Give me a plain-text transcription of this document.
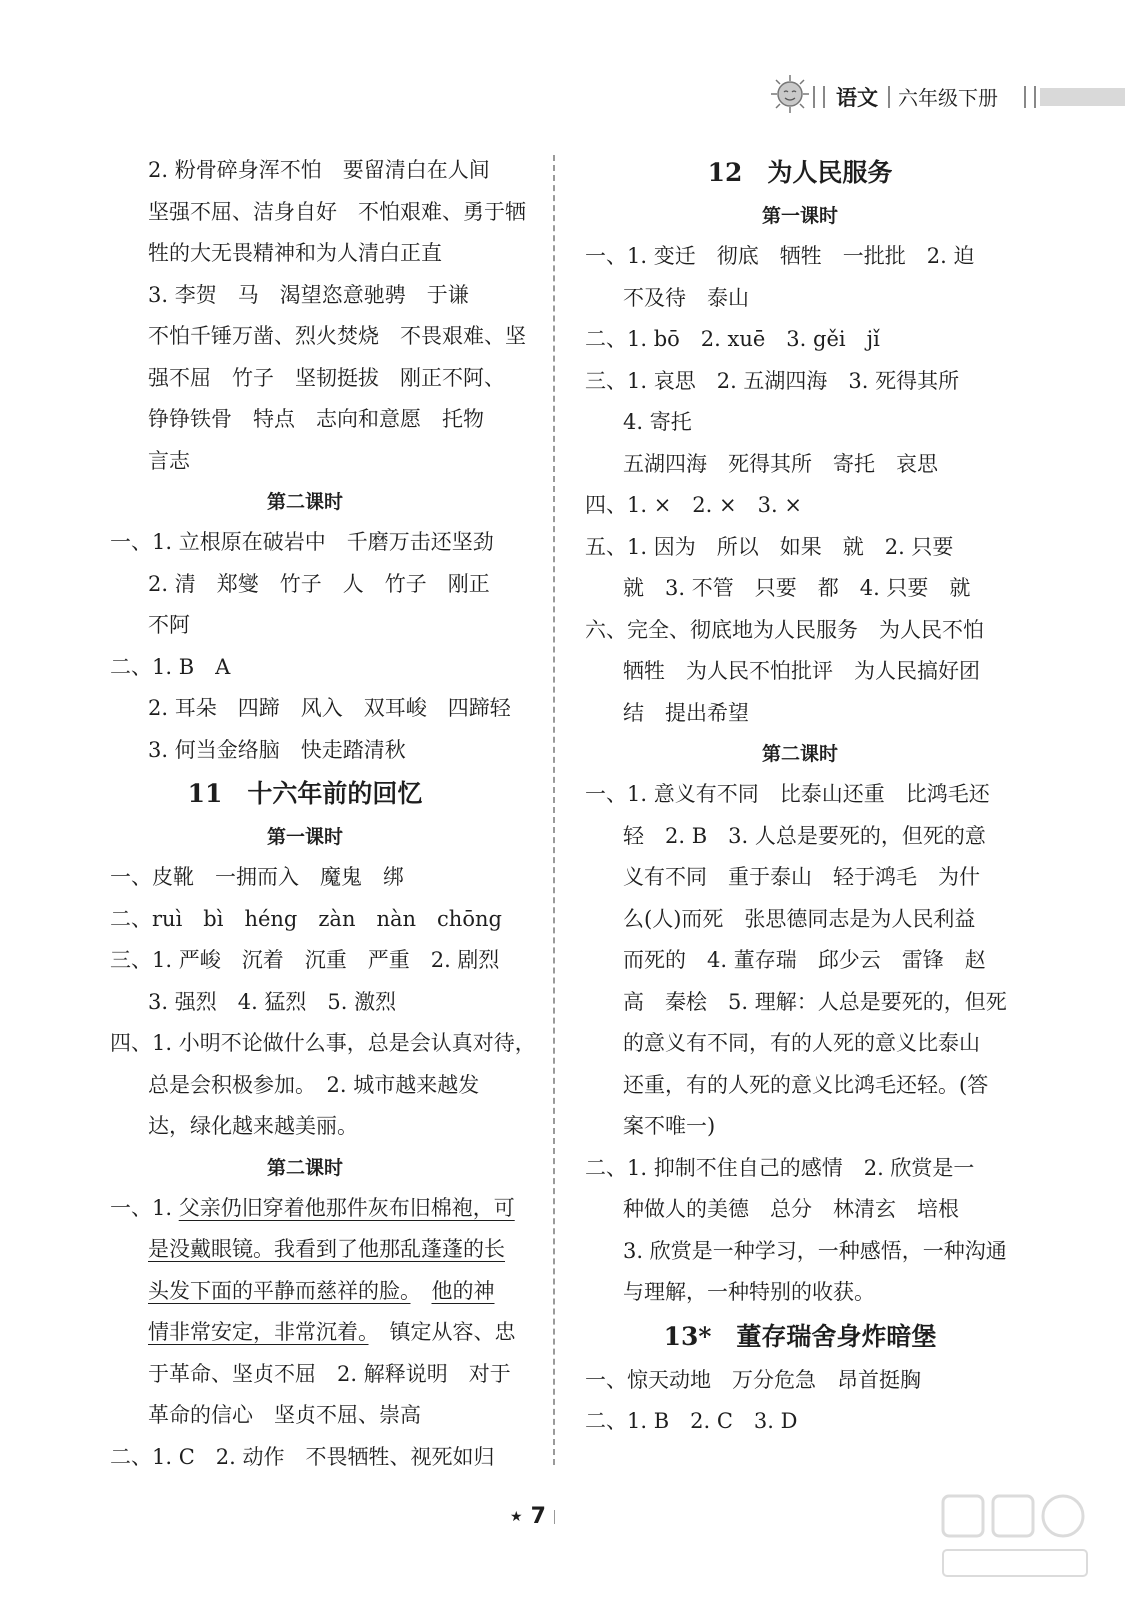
语文 六年级下册
2. 粉骨碎身浑不怕　要留清白在人间
坚强不屈、洁身自好　不怕艰难、勇于牺
牲的大无畏精神和为人清白正直
3. 李贺　马　渴望恣意驰骋　于谦
不怕千锤万凿、烈火焚烧　不畏艰难、坚
强不屈　竹子　坚韧挺拔　刚正不阿、
铮铮铁骨　特点　志向和意愿　托物
言志
第二课时
一、1. 立根原在破岩中　千磨万击还坚劲
2. 清　郑燮　竹子　人　竹子　刚正
不阿
二、1. B　A
2. 耳朵　四蹄　风入　双耳峻　四蹄轻
3. 何当金络脑　快走踏清秋
11　十六年前的回忆
第一课时
一、皮靴　一拥而入　魔鬼　绑
二、ruì　bì　héng　zàn　nàn　chōng
三、1. 严峻　沉着　沉重　严重　2. 剧烈
3. 强烈　4. 猛烈　5. 激烈
四、1. 小明不论做什么事，总是会认真对待，
总是会积极参加。　2. 城市越来越发
达，绿化越来越美丽。
第二课时
一、1. 父亲仍旧穿着他那件灰布旧棉袍，可
是没戴眼镜。我看到了他那乱蓬蓬的长
头发下面的平静而慈祥的脸。　 他的神
情非常安定，非常沉着。　镇定从容、忠
于革命、坚贞不屈　2. 解释说明　对于
革命的信心　坚贞不屈、崇高
二、1. C　2. 动作　不畏牺牲、视死如归
12　为人民服务
第一课时
一、1. 变迁　彻底　牺牲　一批批　2. 迫
不及待　泰山
二、1. bō　2. xuē　3. gěi　jǐ
三、1. 哀思　2. 五湖四海　3. 死得其所
4. 寄托
五湖四海　死得其所　寄托　哀思
四、1. ×　2. ×　3. ×
五、1. 因为　所以　如果　就　2. 只要
就　3. 不管　只要　都　4. 只要　就
六、完全、彻底地为人民服务　为人民不怕
牺牲　为人民不怕批评　为人民搞好团
结　提出希望
第二课时
一、1. 意义有不同　比泰山还重　比鸿毛还
轻　2. B　3. 人总是要死的，但死的意
义有不同　重于泰山　轻于鸿毛　为什
么(人)而死　张思德同志是为人民利益
而死的　4. 董存瑞　邱少云　雷锋　赵
高　秦桧　5. 理解：人总是要死的，但死
的意义有不同，有的人死的意义比泰山
还重，有的人死的意义比鸿毛还轻。(答
案不唯一)
二、1. 抑制不住自己的感情　2. 欣赏是一
种做人的美德　总分　林清玄　培根
3. 欣赏是一种学习，一种感悟，一种沟通
与理解，一种特别的收获。
13*　董存瑞舍身炸暗堡
一、惊天动地　万分危急　昂首挺胸
二、1. B　2. C　3. D
★ 7
